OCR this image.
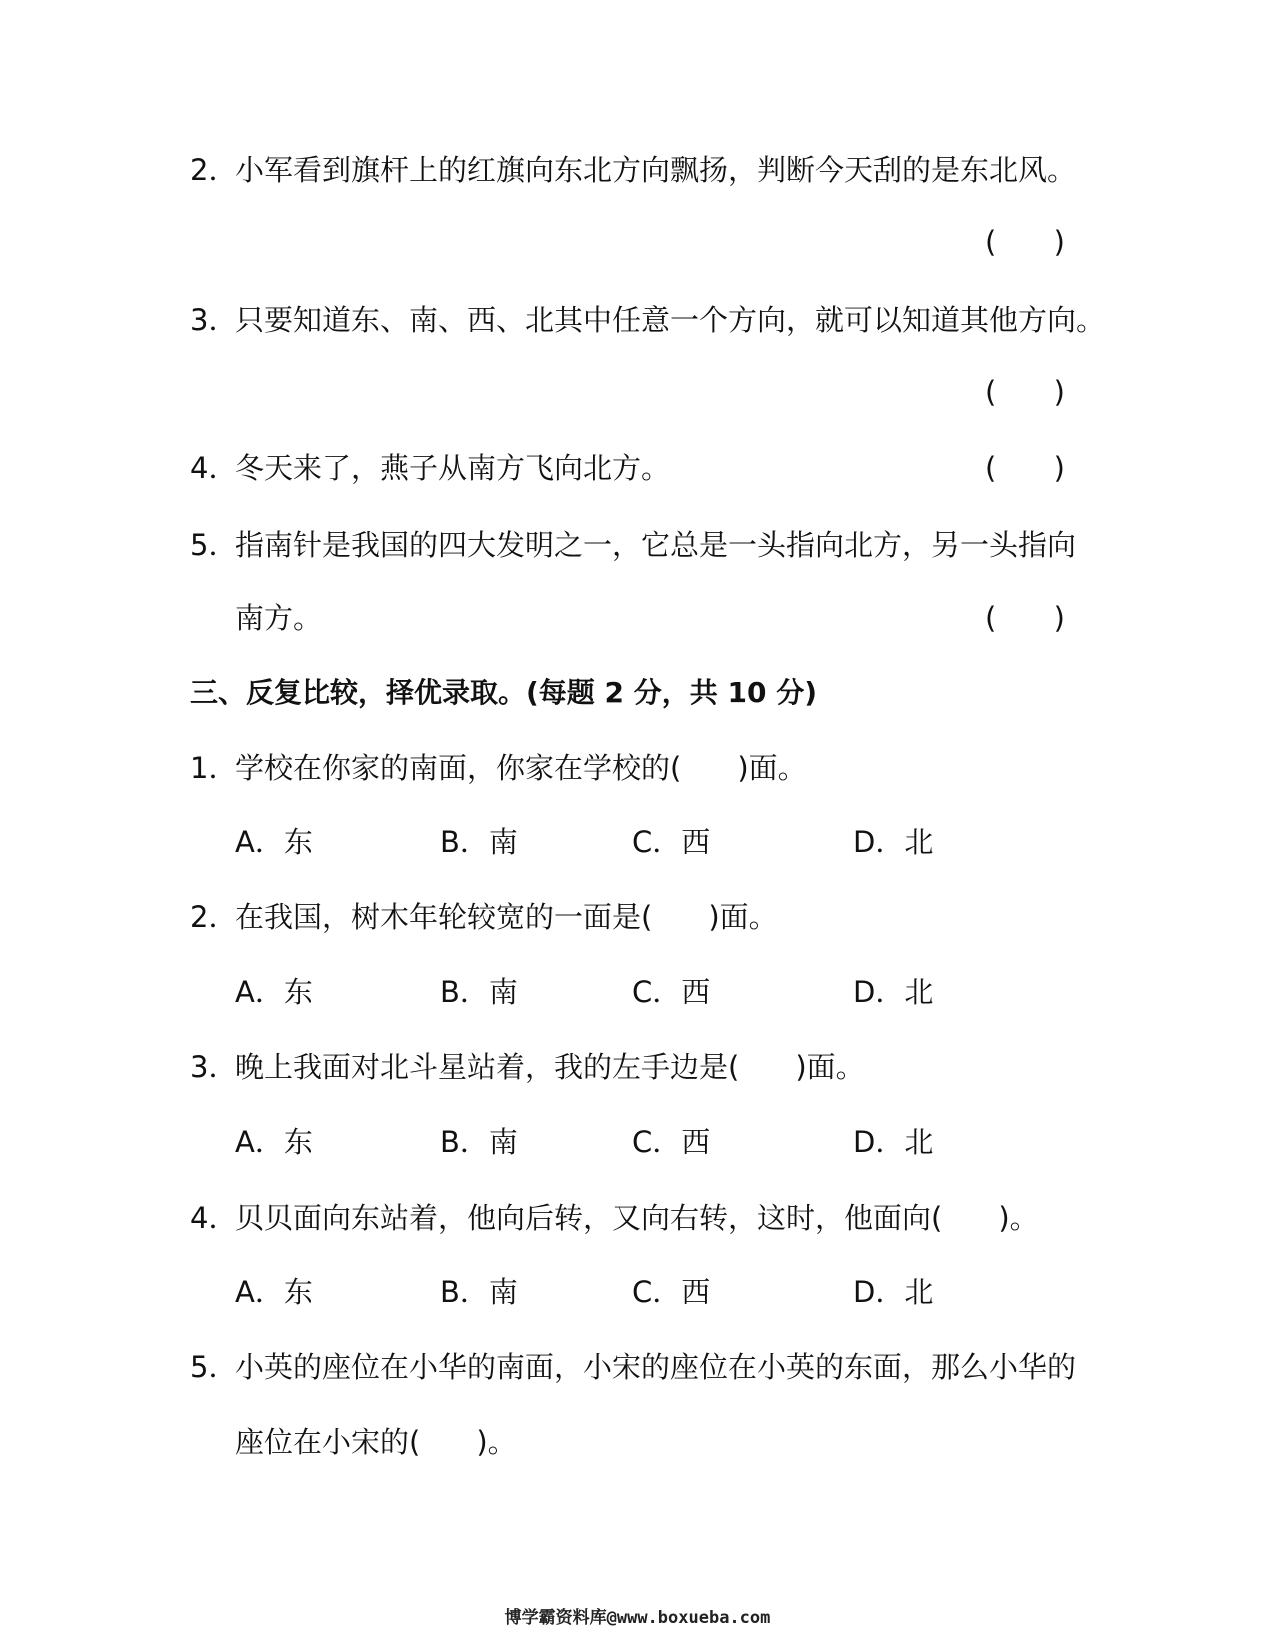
2．
小军看到旗杆上的红旗向东北方向飘扬，判断今天刮的是东北风。
( )
3．
只要知道东、南、西、北其中任意一个方向，就可以知道其他方向。
( )
4．
冬天来了，燕子从南方飞向北方。	( )
5．
指南针是我国的四大发明之一，它总是一头指向北方，另一头指向
南方。	( )
三、反复比较，择优录取。(每题 2 分，共 10 分)
1．
学校在你家的南面，你家在学校的( )面。
A．东	B．南	C．西	D．北
2．
在我国，树木年轮较宽的一面是( )面。
A．东	B．南	C．西	D．北
3．
晚上我面对北斗星站着，我的左手边是( )面。
A．东	B．南	C．西	D．北
4．
贝贝面向东站着，他向后转，又向右转，这时，他面向( )。
A．东	B．南	C．西	D．北
5．
小英的座位在小华的南面，小宋的座位在小英的东面，那么小华的
座位在小宋的( )。
博学霸资料库@www.boxueba.com
